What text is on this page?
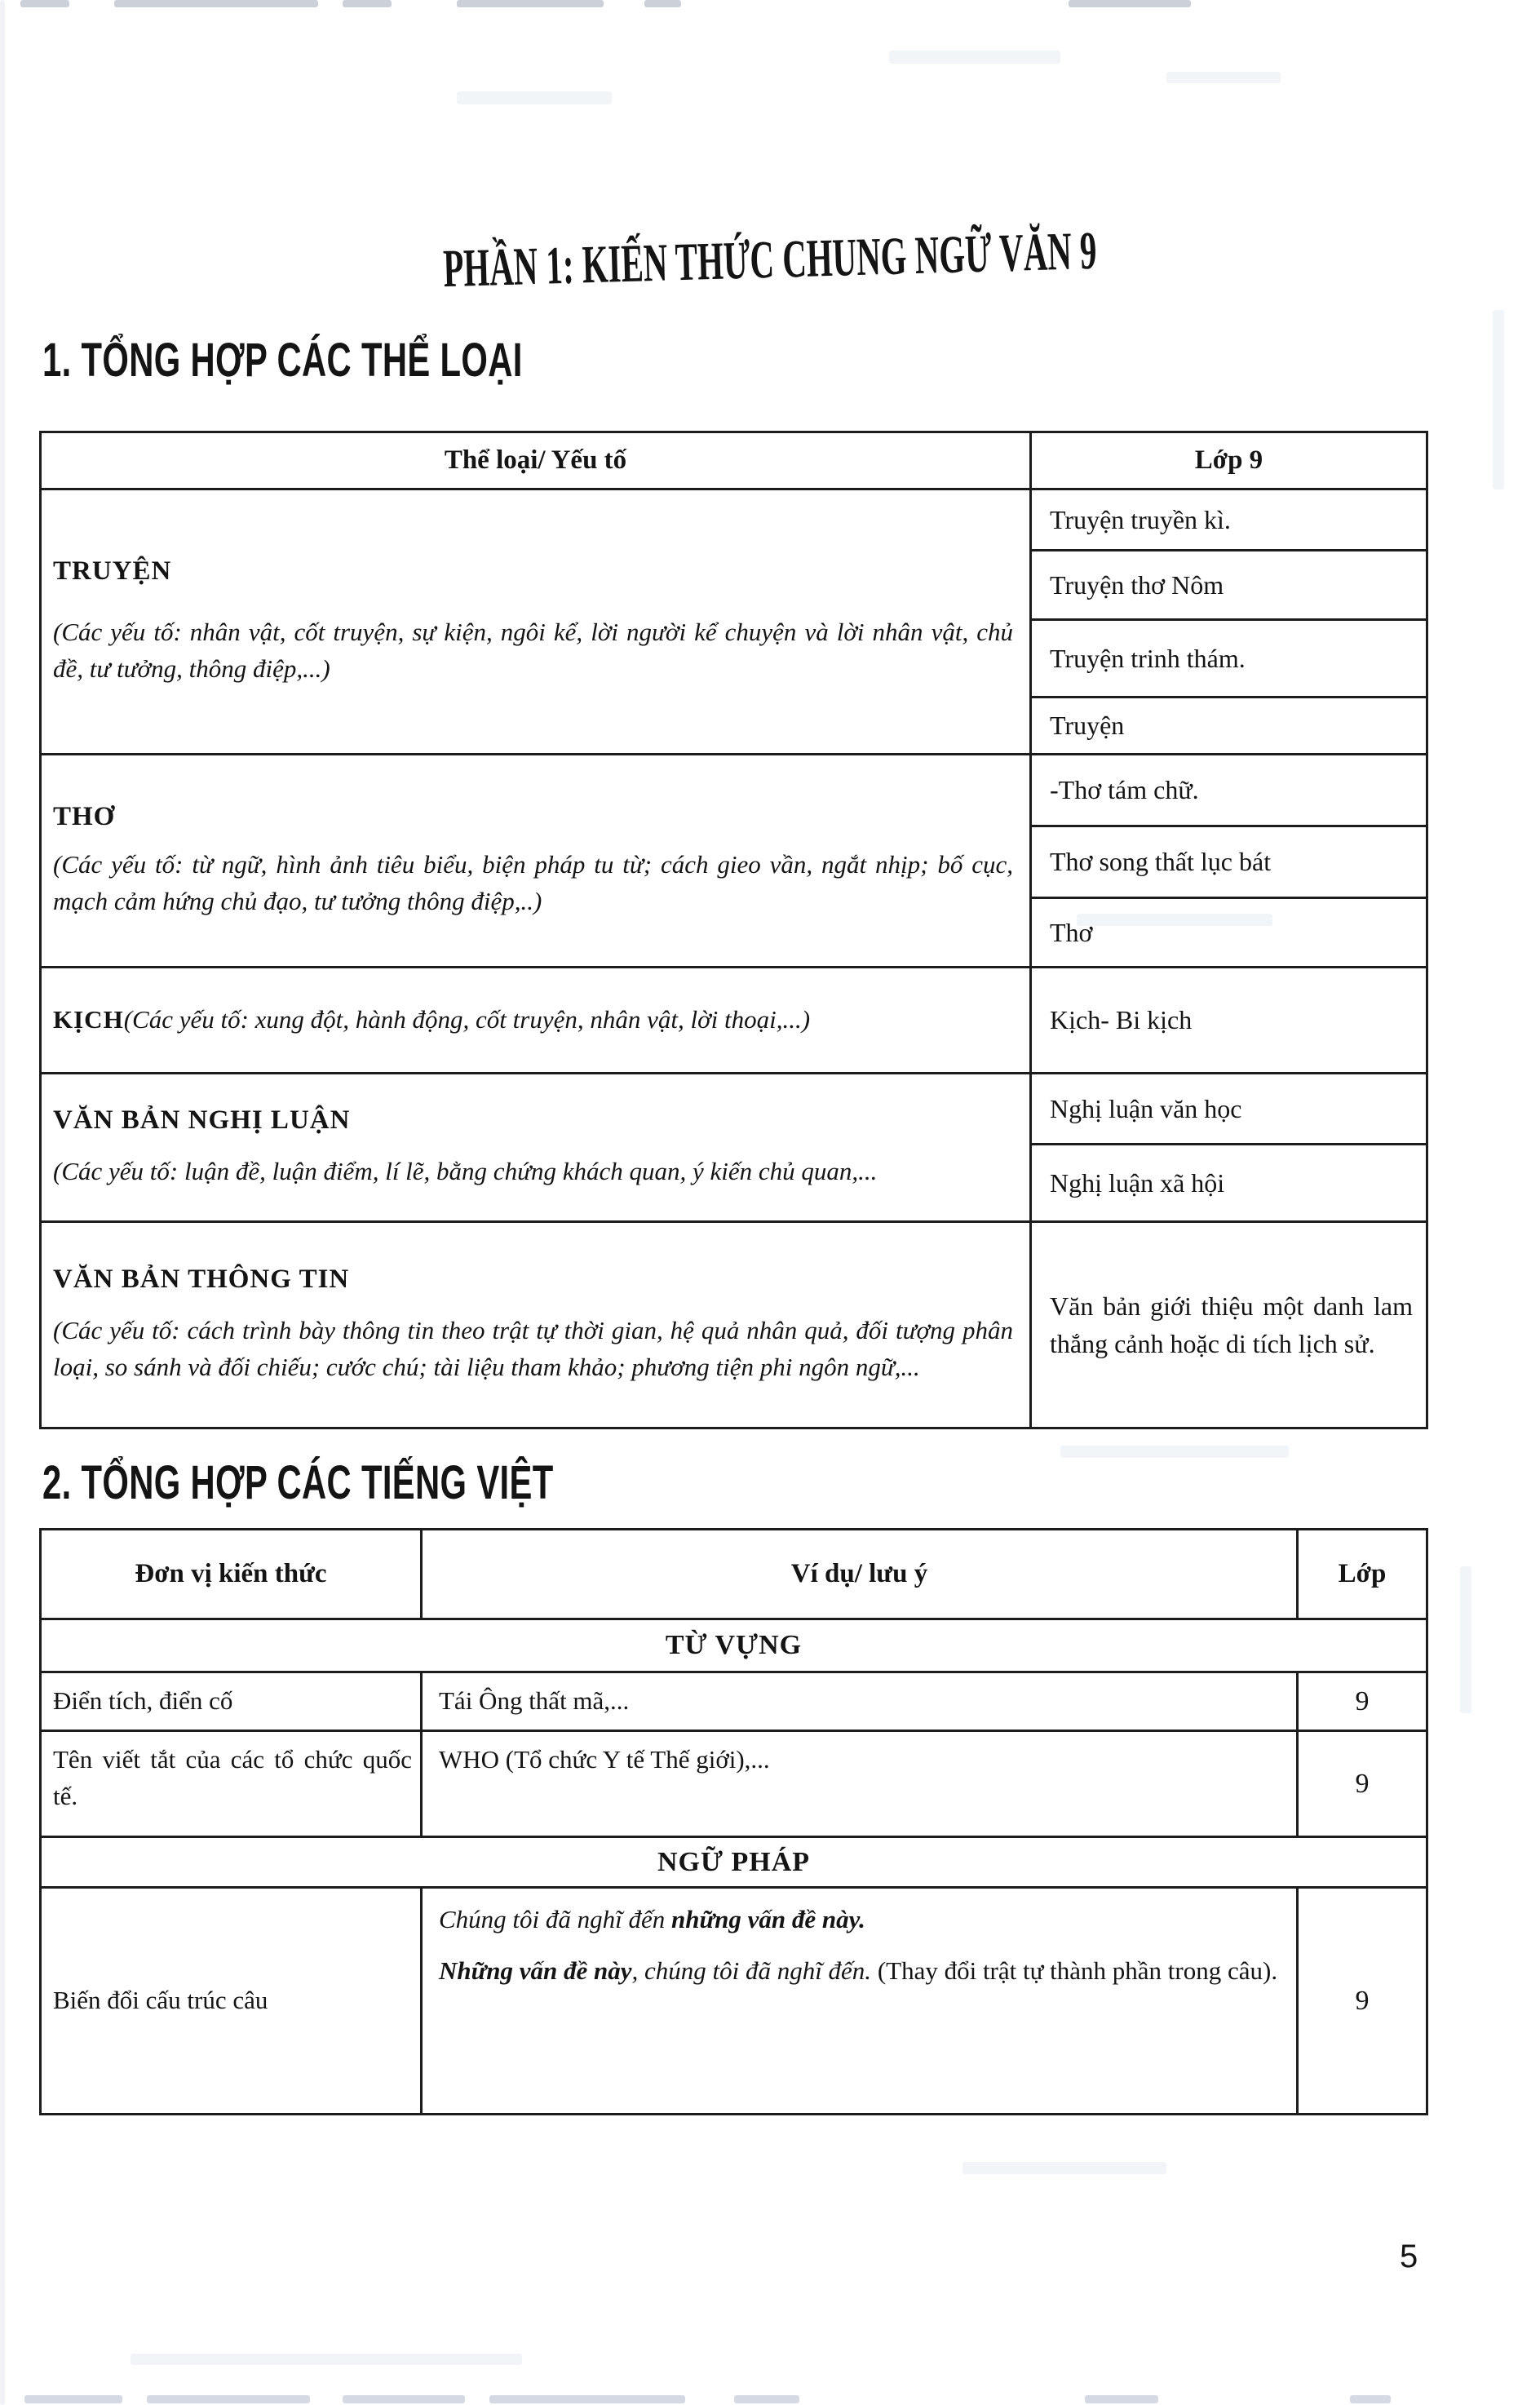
PHẦN 1: KIẾN THỨC CHUNG NGỮ VĂN 9
1. TỔNG HỢP CÁC THỂ LOẠI
Thể loại/ Yếu tố	Lớp 9

TRUYỆN
(Các yếu tố: nhân vật, cốt truyện, sự kiện, ngôi kể, lời người kể chuyện và lời nhân vật, chủ đề, tư tưởng, thông điệp,...)	Truyện truyền kì.
	Truyện thơ Nôm
	Truyện trinh thám.
	Truyện

THƠ
(Các yếu tố: từ ngữ, hình ảnh tiêu biểu, biện pháp tu từ; cách gieo vần, ngắt nhịp; bố cục, mạch cảm hứng chủ đạo, tư tưởng thông điệp,..)	-Thơ tám chữ.
	Thơ song thất lục bát
	Thơ

KỊCH(Các yếu tố: xung đột, hành động, cốt truyện, nhân vật, lời thoại,...)	Kịch- Bi kịch

VĂN BẢN NGHỊ LUẬN
(Các yếu tố: luận đề, luận điểm, lí lẽ, bằng chứng khách quan, ý kiến chủ quan,...	Nghị luận văn học
	Nghị luận xã hội

VĂN BẢN THÔNG TIN
(Các yếu tố: cách trình bày thông tin theo trật tự thời gian, hệ quả nhân quả, đối tượng phân loại, so sánh và đối chiếu; cước chú; tài liệu tham khảo; phương tiện phi ngôn ngữ,...	Văn bản giới thiệu một danh lam thắng cảnh hoặc di tích lịch sử.
2. TỔNG HỢP CÁC TIẾNG VIỆT
Đơn vị kiến thức	Ví dụ/ lưu ý	Lớp
TỪ VỰNG		
Điển tích, điển cố	Tái Ông thất mã,...	9
Tên viết tắt của các tổ chức quốc tế.	WHO (Tổ chức Y tế Thế giới),...	9
NGỮ PHÁP		
Biến đổi cấu trúc câu	Chúng tôi đã nghĩ đến những vấn đề này.

Những vấn đề này, chúng tôi đã nghĩ đến. (Thay đổi trật tự thành phần trong câu).	9
5
